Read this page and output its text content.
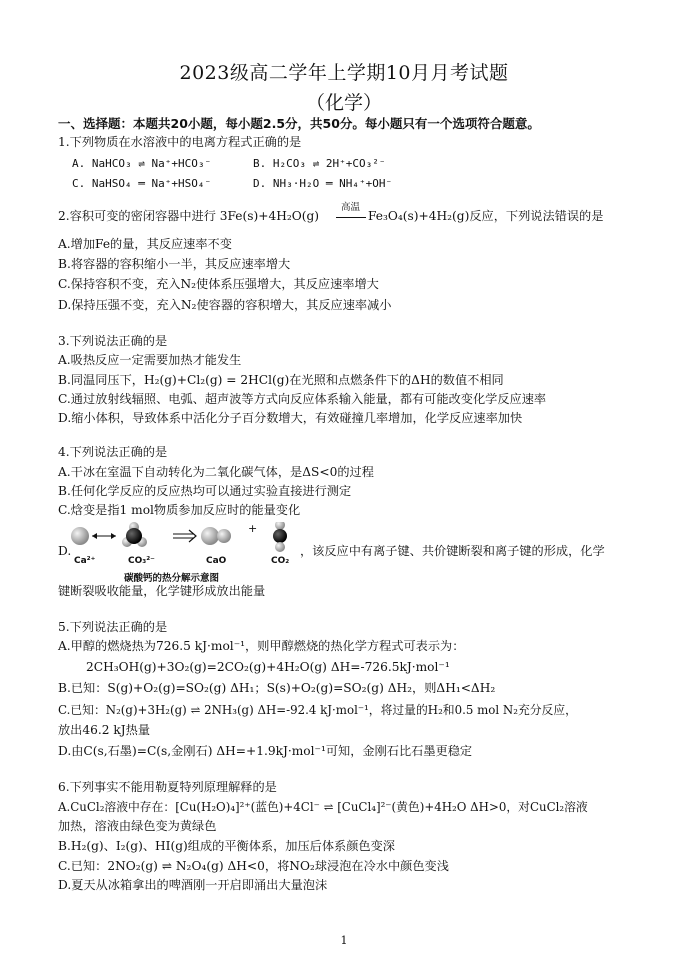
2023级高二学年上学期10月月考试题
（化学）
一、选择题：本题共20小题，每小题2.5分，共50分。每小题只有一个选项符合题意。
1.下列物质在水溶液中的电离方程式正确的是
A. NaHCO₃ ⇌ Na⁺+HCO₃⁻	B. H₂CO₃ ⇌ 2H⁺+CO₃²⁻
C. NaHSO₄ ═ Na⁺+HSO₄⁻	D. NH₃·H₂O ═ NH₄⁺+OH⁻
高温
2.容积可变的密闭容器中进行 3Fe(s)+4H₂O(g)	Fe₃O₄(s)+4H₂(g)反应，下列说法错误的是
A.增加Fe的量，其反应速率不变
B.将容器的容积缩小一半，其反应速率增大
C.保持容积不变，充入N₂使体系压强增大，其反应速率增大
D.保持压强不变，充入N₂使容器的容积增大，其反应速率减小
3.下列说法正确的是
A.吸热反应一定需要加热才能发生
B.同温同压下，H₂(g)+Cl₂(g) = 2HCl(g)在光照和点燃条件下的ΔH的数值不相同
C.通过放射线辐照、电弧、超声波等方式向反应体系输入能量，都有可能改变化学反应速率
D.缩小体积，导致体系中活化分子百分数增大，有效碰撞几率增加，化学反应速率加快
4.下列说法正确的是
A.干冰在室温下自动转化为二氧化碳气体，是ΔS<0的过程
B.任何化学反应的反应热均可以通过实验直接进行测定
C.焓变是指1 mol物质参加反应时的能量变化
D.
+
Ca²⁺	CO₃²⁻	CaO	CO₂
碳酸钙的热分解示意图
，该反应中有离子键、共价键断裂和离子键的形成，化学
键断裂吸收能量，化学键形成放出能量
5.下列说法正确的是
A.甲醇的燃烧热为726.5 kJ·mol⁻¹，则甲醇燃烧的热化学方程式可表示为：
2CH₃OH(g)+3O₂(g)=2CO₂(g)+4H₂O(g) ΔH=-726.5kJ·mol⁻¹
B.已知：S(g)+O₂(g)=SO₂(g) ΔH₁；S(s)+O₂(g)=SO₂(g) ΔH₂，则ΔH₁<ΔH₂
C.已知：N₂(g)+3H₂(g) ⇌ 2NH₃(g) ΔH=-92.4 kJ·mol⁻¹，将过量的H₂和0.5 mol N₂充分反应，
放出46.2 kJ热量
D.由C(s,石墨)=C(s,金刚石) ΔH=+1.9kJ·mol⁻¹可知，金刚石比石墨更稳定
6.下列事实不能用勒夏特列原理解释的是
A.CuCl₂溶液中存在：[Cu(H₂O)₄]²⁺(蓝色)+4Cl⁻ ⇌ [CuCl₄]²⁻(黄色)+4H₂O ΔH>0，对CuCl₂溶液
加热，溶液由绿色变为黄绿色
B.H₂(g)、I₂(g)、HI(g)组成的平衡体系，加压后体系颜色变深
C.已知：2NO₂(g) ⇌ N₂O₄(g) ΔH<0，将NO₂球浸泡在冷水中颜色变浅
D.夏天从冰箱拿出的啤酒刚一开启即涌出大量泡沫
1
